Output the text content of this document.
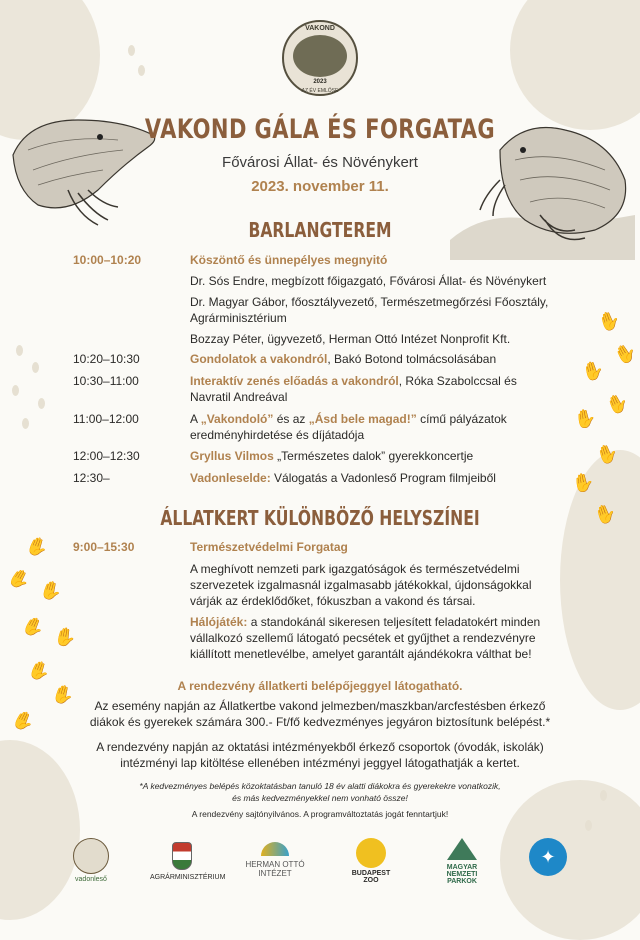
✋
✋
✋
✋
✋
✋
✋
✋
✋
✋ ✋
✋ ✋
✋
✋
✋
VAKOND
2023
AZ ÉV EMLŐSE
VAKOND GÁLA ÉS FORGATAG
Fővárosi Állat- és Növénykert
2023. november 11.
BARLANGTEREM
10:00–10:20	Köszöntő és ünnepélyes megnyitó
Dr. Sós Endre, megbízott főigazgató, Fővárosi Állat- és Növénykert
Dr. Magyar Gábor, főosztályvezető, Természetmegőrzési Főosztály,
Agrárminisztérium
Bozzay Péter, ügyvezető, Herman Ottó Intézet Nonprofit Kft.
10:20–10:30	Gondolatok a vakondról, Bakó Botond tolmácsolásában
10:30–11:00	Interaktív zenés előadás a vakondról, Róka Szabolccsal és
Navratil Andreával
11:00–12:00	A „Vakondoló” és az „Ásd bele magad!” című pályázatok
eredményhirdetése és díjátadója
12:00–12:30	Gryllus Vilmos „Természetes dalok” gyerekkoncertje
12:30–	Vadonleselde: Válogatás a Vadonleső Program filmjeiből
ÁLLATKERT KÜLÖNBÖZŐ HELYSZÍNEI
9:00–15:30	Természetvédelmi Forgatag
A meghívott nemzeti park igazgatóságok és természetvédelmi
szervezetek izgalmasnál izgalmasabb játékokkal, újdonságokkal
várják az érdeklődőket, fókuszban a vakond és társai.
Hálójáték: a standokánál sikeresen teljesített feladatokért minden
vállalkozó szellemű látogató pecsétek et gyűjthet a rendezvényre
kiállított menetlevélbe, amelyet garantált ajándékokra válthat be!
A rendezvény állatkerti belépőjeggyel látogatható.
Az esemény napján az Állatkertbe vakond jelmezben/maszkban/arcfestésben érkező
diákok és gyerekek számára 300.- Ft/fő kedvezményes jegyáron biztosítunk belépést.*
A rendezvény napján az oktatási intézményekből érkező csoportok (óvodák, iskolák)
intézményi lap kitöltése ellenében intézményi jeggyel látogathatják a kertet.
*A kedvezményes belépés közoktatásban tanuló 18 év alatti diákokra és gyerekekre vonatkozik,
és más kedvezményekkel nem vonható össze!
A rendezvény sajtónyilvános. A programváltoztatás jogát fenntartjuk!
vadonleső	AGRÁRMINISZTÉRIUM
HERMAN OTTÓ INTÉZET	BUDAPEST ZOO
MAGYAR NEMZETI PARKOK
✦
